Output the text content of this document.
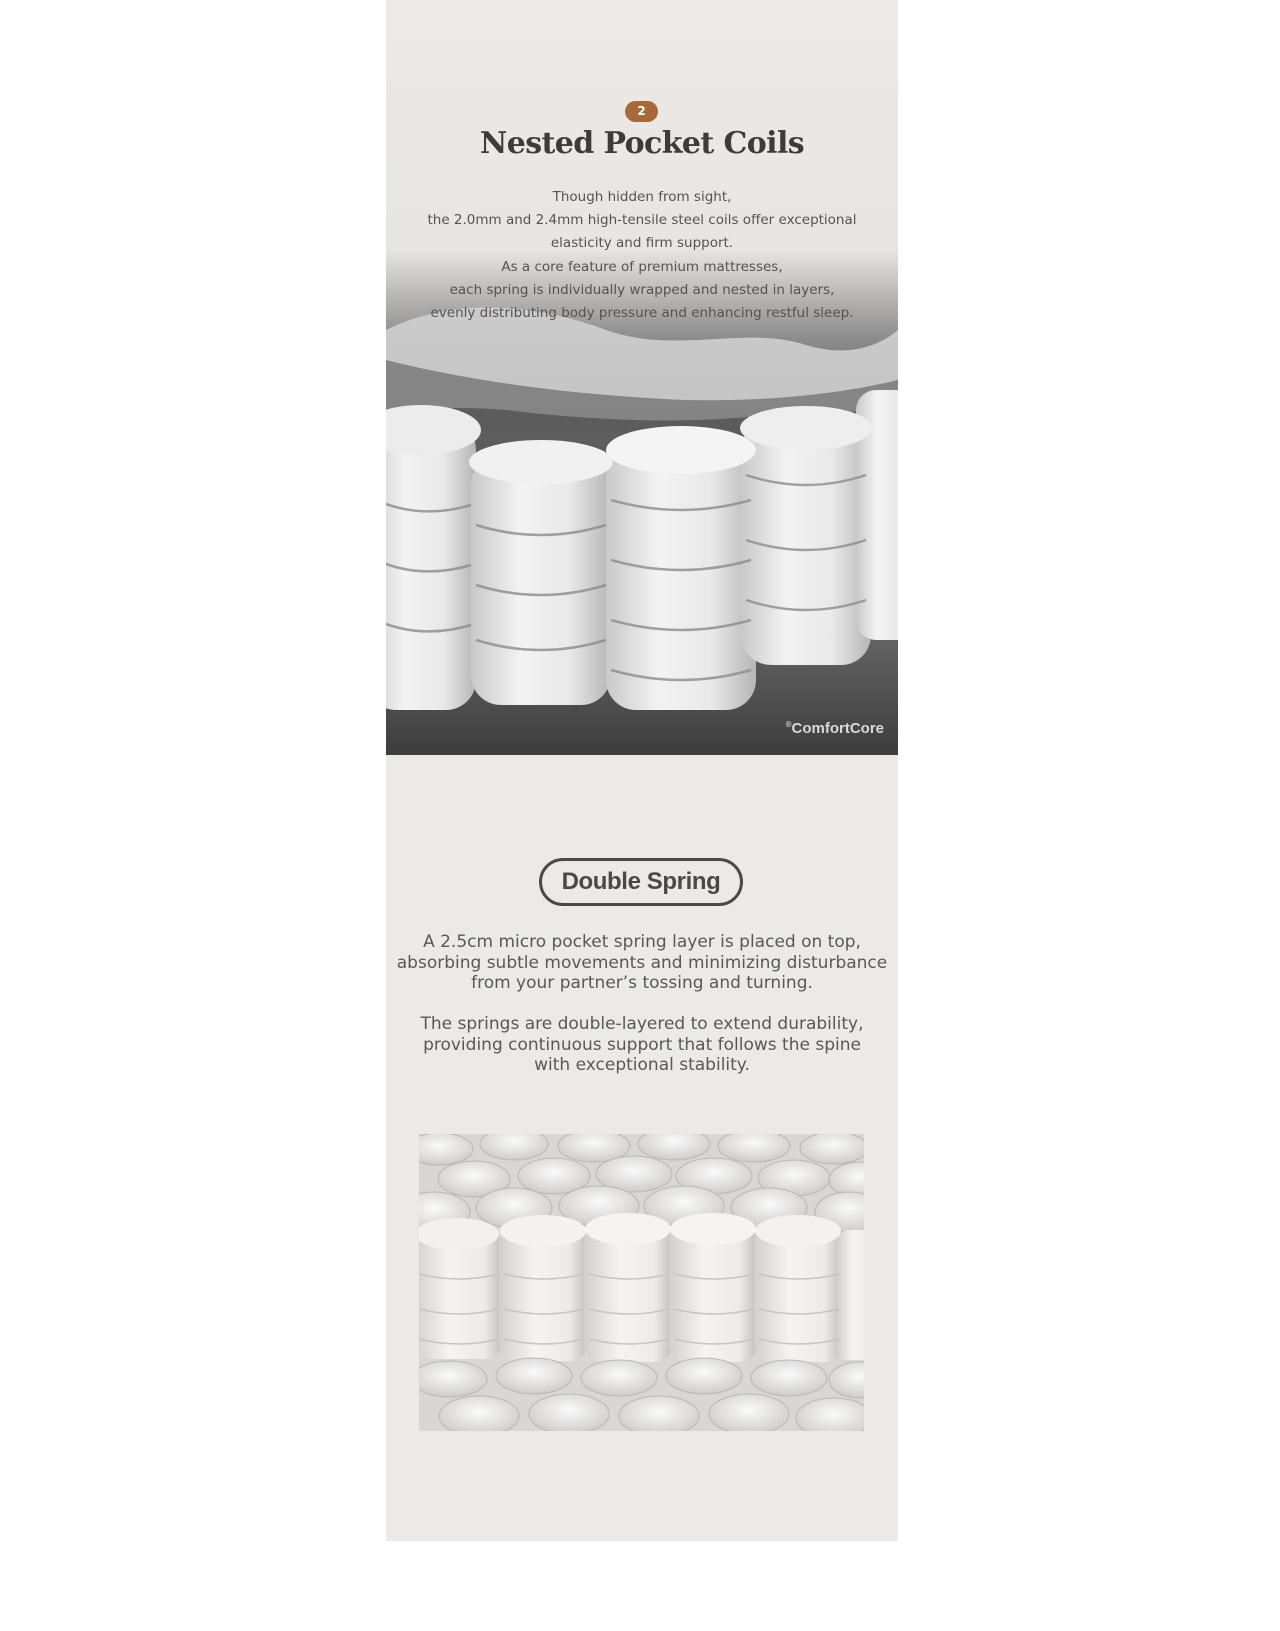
2
Nested Pocket Coils
Though hidden from sight,
the 2.0mm and 2.4mm high-tensile steel coils offer exceptional
elasticity and firm support.
As a core feature of premium mattresses,
each spring is individually wrapped and nested in layers,
evenly distributing body pressure and enhancing restful sleep.
®ComfortCore
Double Spring
A 2.5cm micro pocket spring layer is placed on top,
absorbing subtle movements and minimizing disturbance
from your partner’s tossing and turning.
The springs are double-layered to extend durability,
providing continuous support that follows the spine
with exceptional stability.
